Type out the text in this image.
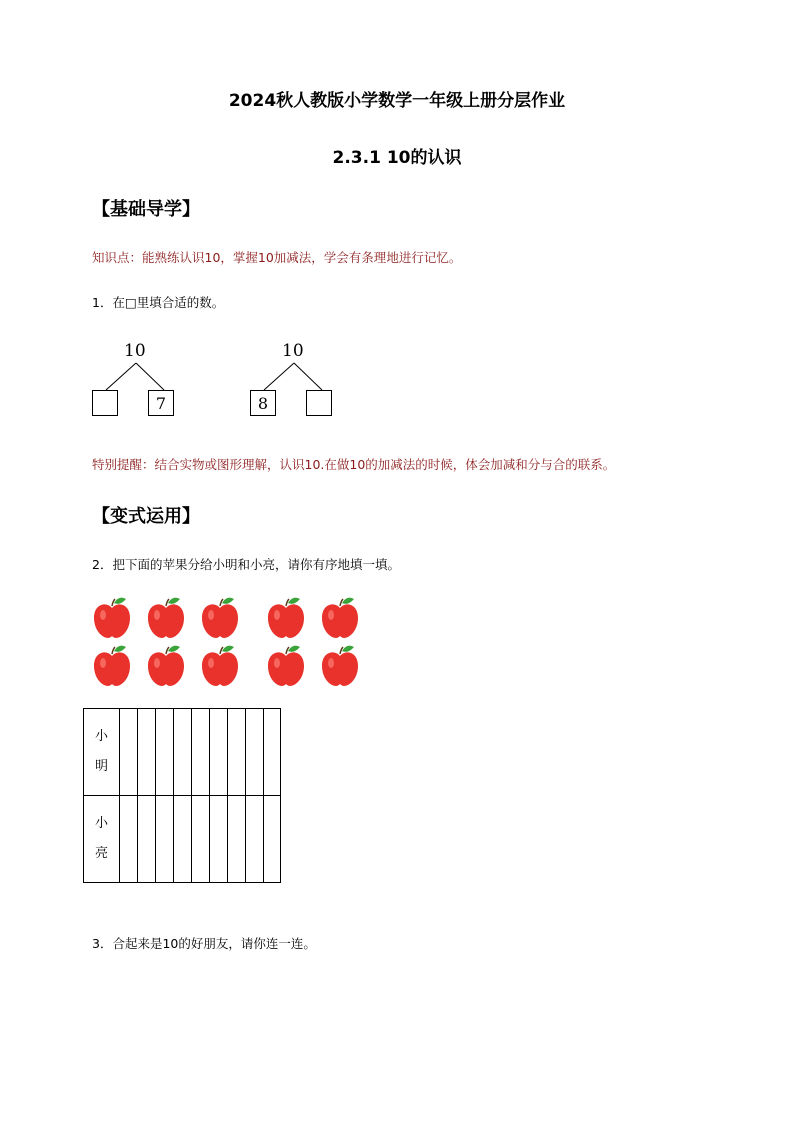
2024秋人教版小学数学一年级上册分层作业
2.3.1 10的认识
【基础导学】
知识点：能熟练认识10，掌握10加减法，学会有条理地进行记忆。
1．在□里填合适的数。
10
7
10
8
特别提醒：结合实物或图形理解，认识10.在做10的加减法的时候，体会加减和分与合的联系。
【变式运用】
2．把下面的苹果分给小明和小亮，请你有序地填一填。
小
明									

小
亮									

3．合起来是10的好朋友，请你连一连。
